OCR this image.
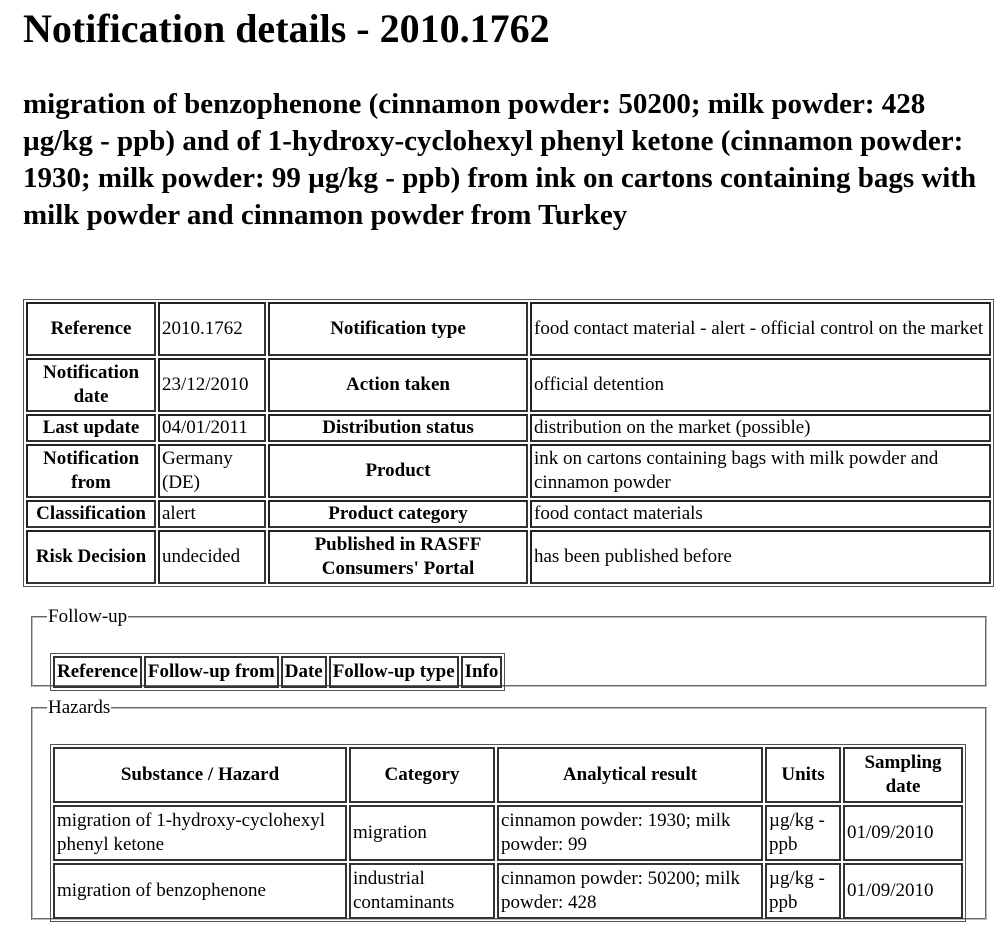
Notification details - 2010.1762
migration of benzophenone (cinnamon powder: 50200; milk powder: 428 µg/kg - ppb) and of 1-hydroxy-cyclohexyl phenyl ketone (cinnamon powder: 1930; milk powder: 99 µg/kg - ppb) from ink on cartons containing bags with milk powder and cinnamon powder from Turkey
Reference	2010.1762	Notification type	food contact material - alert - official control on the market
Notification date	23/12/2010	Action taken	official detention
Last update	04/01/2011	Distribution status	distribution on the market (possible)
Notification from	Germany (DE)	Product	ink on cartons containing bags with milk powder and cinnamon powder
Classification	alert	Product category	food contact materials
Risk Decision	undecided	Published in RASFF Consumers' Portal	has been published before
Follow-up
Reference	Follow-up from	Date	Follow-up type	Info
Hazards
Substance / Hazard	Category	Analytical result	Units	Sampling date
migration of 1-hydroxy-cyclohexyl phenyl ketone	migration	cinnamon powder: 1930; milk powder: 99	µg/kg - ppb	01/09/2010
migration of benzophenone	industrial contaminants	cinnamon powder: 50200; milk powder: 428	µg/kg - ppb	01/09/2010
